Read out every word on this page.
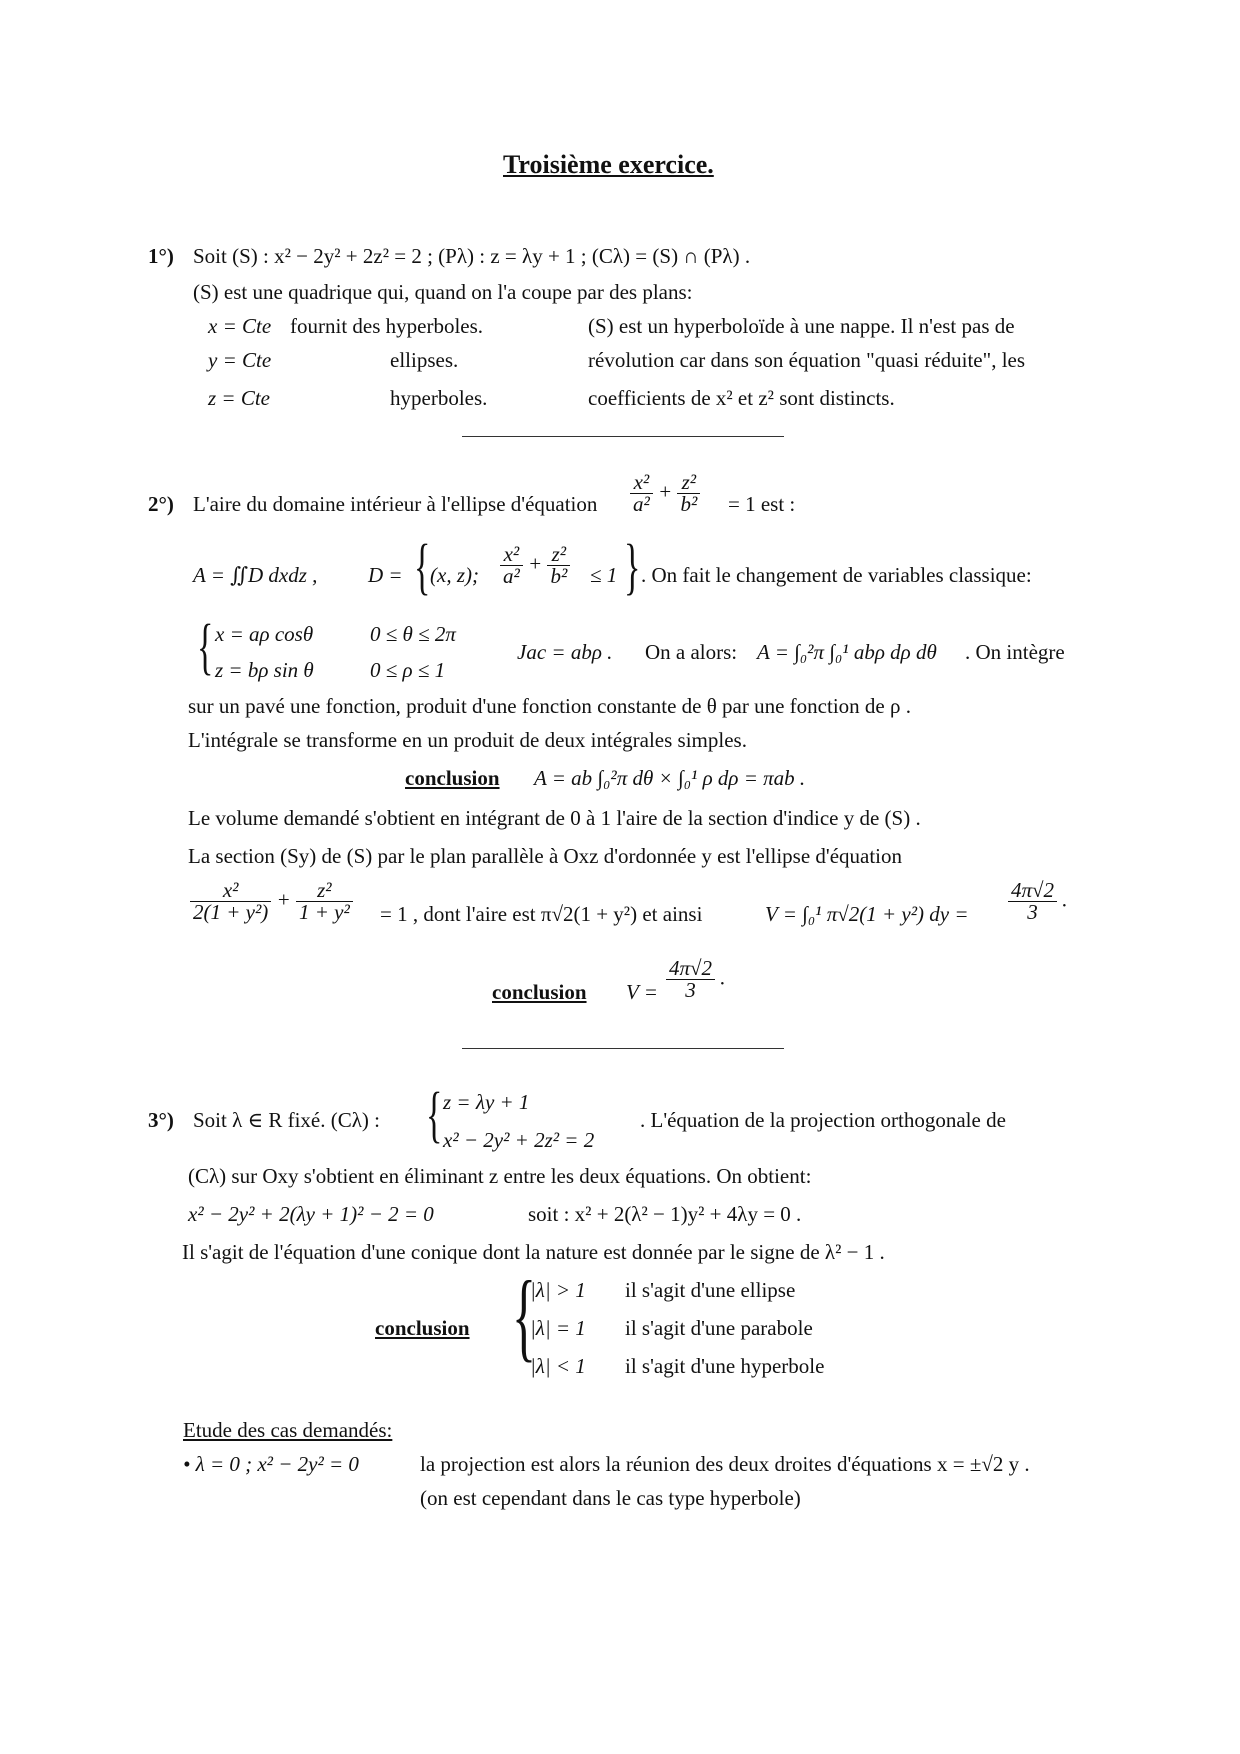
Troisième exercice.
1°) Soit (S) : x² − 2y² + 2z² = 2 ; (Pλ) : z = λy + 1 ; (Cλ) = (S) ∩ (Pλ) .
(S) est une quadrique qui, quand on l'a coupe par des plans:
x = Cte fournit des hyperboles.
y = Cte	ellipses.
z = Cte	hyperboles.
(S) est un hyperboloïde à une nappe. Il n'est pas de
révolution car dans son équation "quasi réduite", les
coefficients de x² et z² sont distincts.
2°) L'aire du domaine intérieur à l'ellipse d'équation $\frac{\text{x²}}{\text{a²}} + \frac{\text{z²}}{\text{b²}} = 1$ est :
A = ∬D dxdz , D = { (x, z); $\frac{\text{x²}}{\text{a²}} + \frac{\text{z²}}{\text{b²}} \le 1$ } . On fait le changement de variables classique:
{ x = aρ cosθ	0 ≤ θ ≤ 2π
z = bρ sin θ	0 ≤ ρ ≤ 1
Jac = abρ . On a alors: A = ∫₀²π ∫₀¹ abρ dρ dθ . On intègre
sur un pavé une fonction, produit d'une fonction constante de θ par une fonction de ρ .
L'intégrale se transforme en un produit de deux intégrales simples.
conclusion A = ab ∫₀²π dθ × ∫₀¹ ρ dρ = πab .
Le volume demandé s'obtient en intégrant de 0 à 1 l'aire de la section d'indice y de (S) .
La section (Sy) de (S) par le plan parallèle à Oxz d'ordonnée y est l'ellipse d'équation
$\frac{\text{x²}}{\text{2(1 + y²)}} + \frac{\text{z²}}{\text{1 + y²}} = 1$ , dont l'aire est π√2(1 + y²) et ainsi	V = ∫₀¹ π√2(1 + y²) dy = $\frac{4\pi√2}{3}$ .
conclusion $V = \frac{4\pi√2}{3}$ .
3°) Soit λ ∈ R fixé. (Cλ) : { z = λy + 1
x² − 2y² + 2z² = 2
. L'équation de la projection orthogonale de
(Cλ) sur Oxy s'obtient en éliminant z entre les deux équations. On obtient:
x² − 2y² + 2(λy + 1)² − 2 = 0	soit : x² + 2(λ² − 1)y² + 4λy = 0 .
Il s'agit de l'équation d'une conique dont la nature est donnée par le signe de λ² − 1 .
conclusion {
|λ| > 1 il s'agit d'une ellipse
|λ| = 1 il s'agit d'une parabole
|λ| < 1 il s'agit d'une hyperbole
Etude des cas demandés:
• λ = 0 ; x² − 2y² = 0	la projection est alors la réunion des deux droites d'équations x = ±√2 y .
(on est cependant dans le cas type hyperbole)
